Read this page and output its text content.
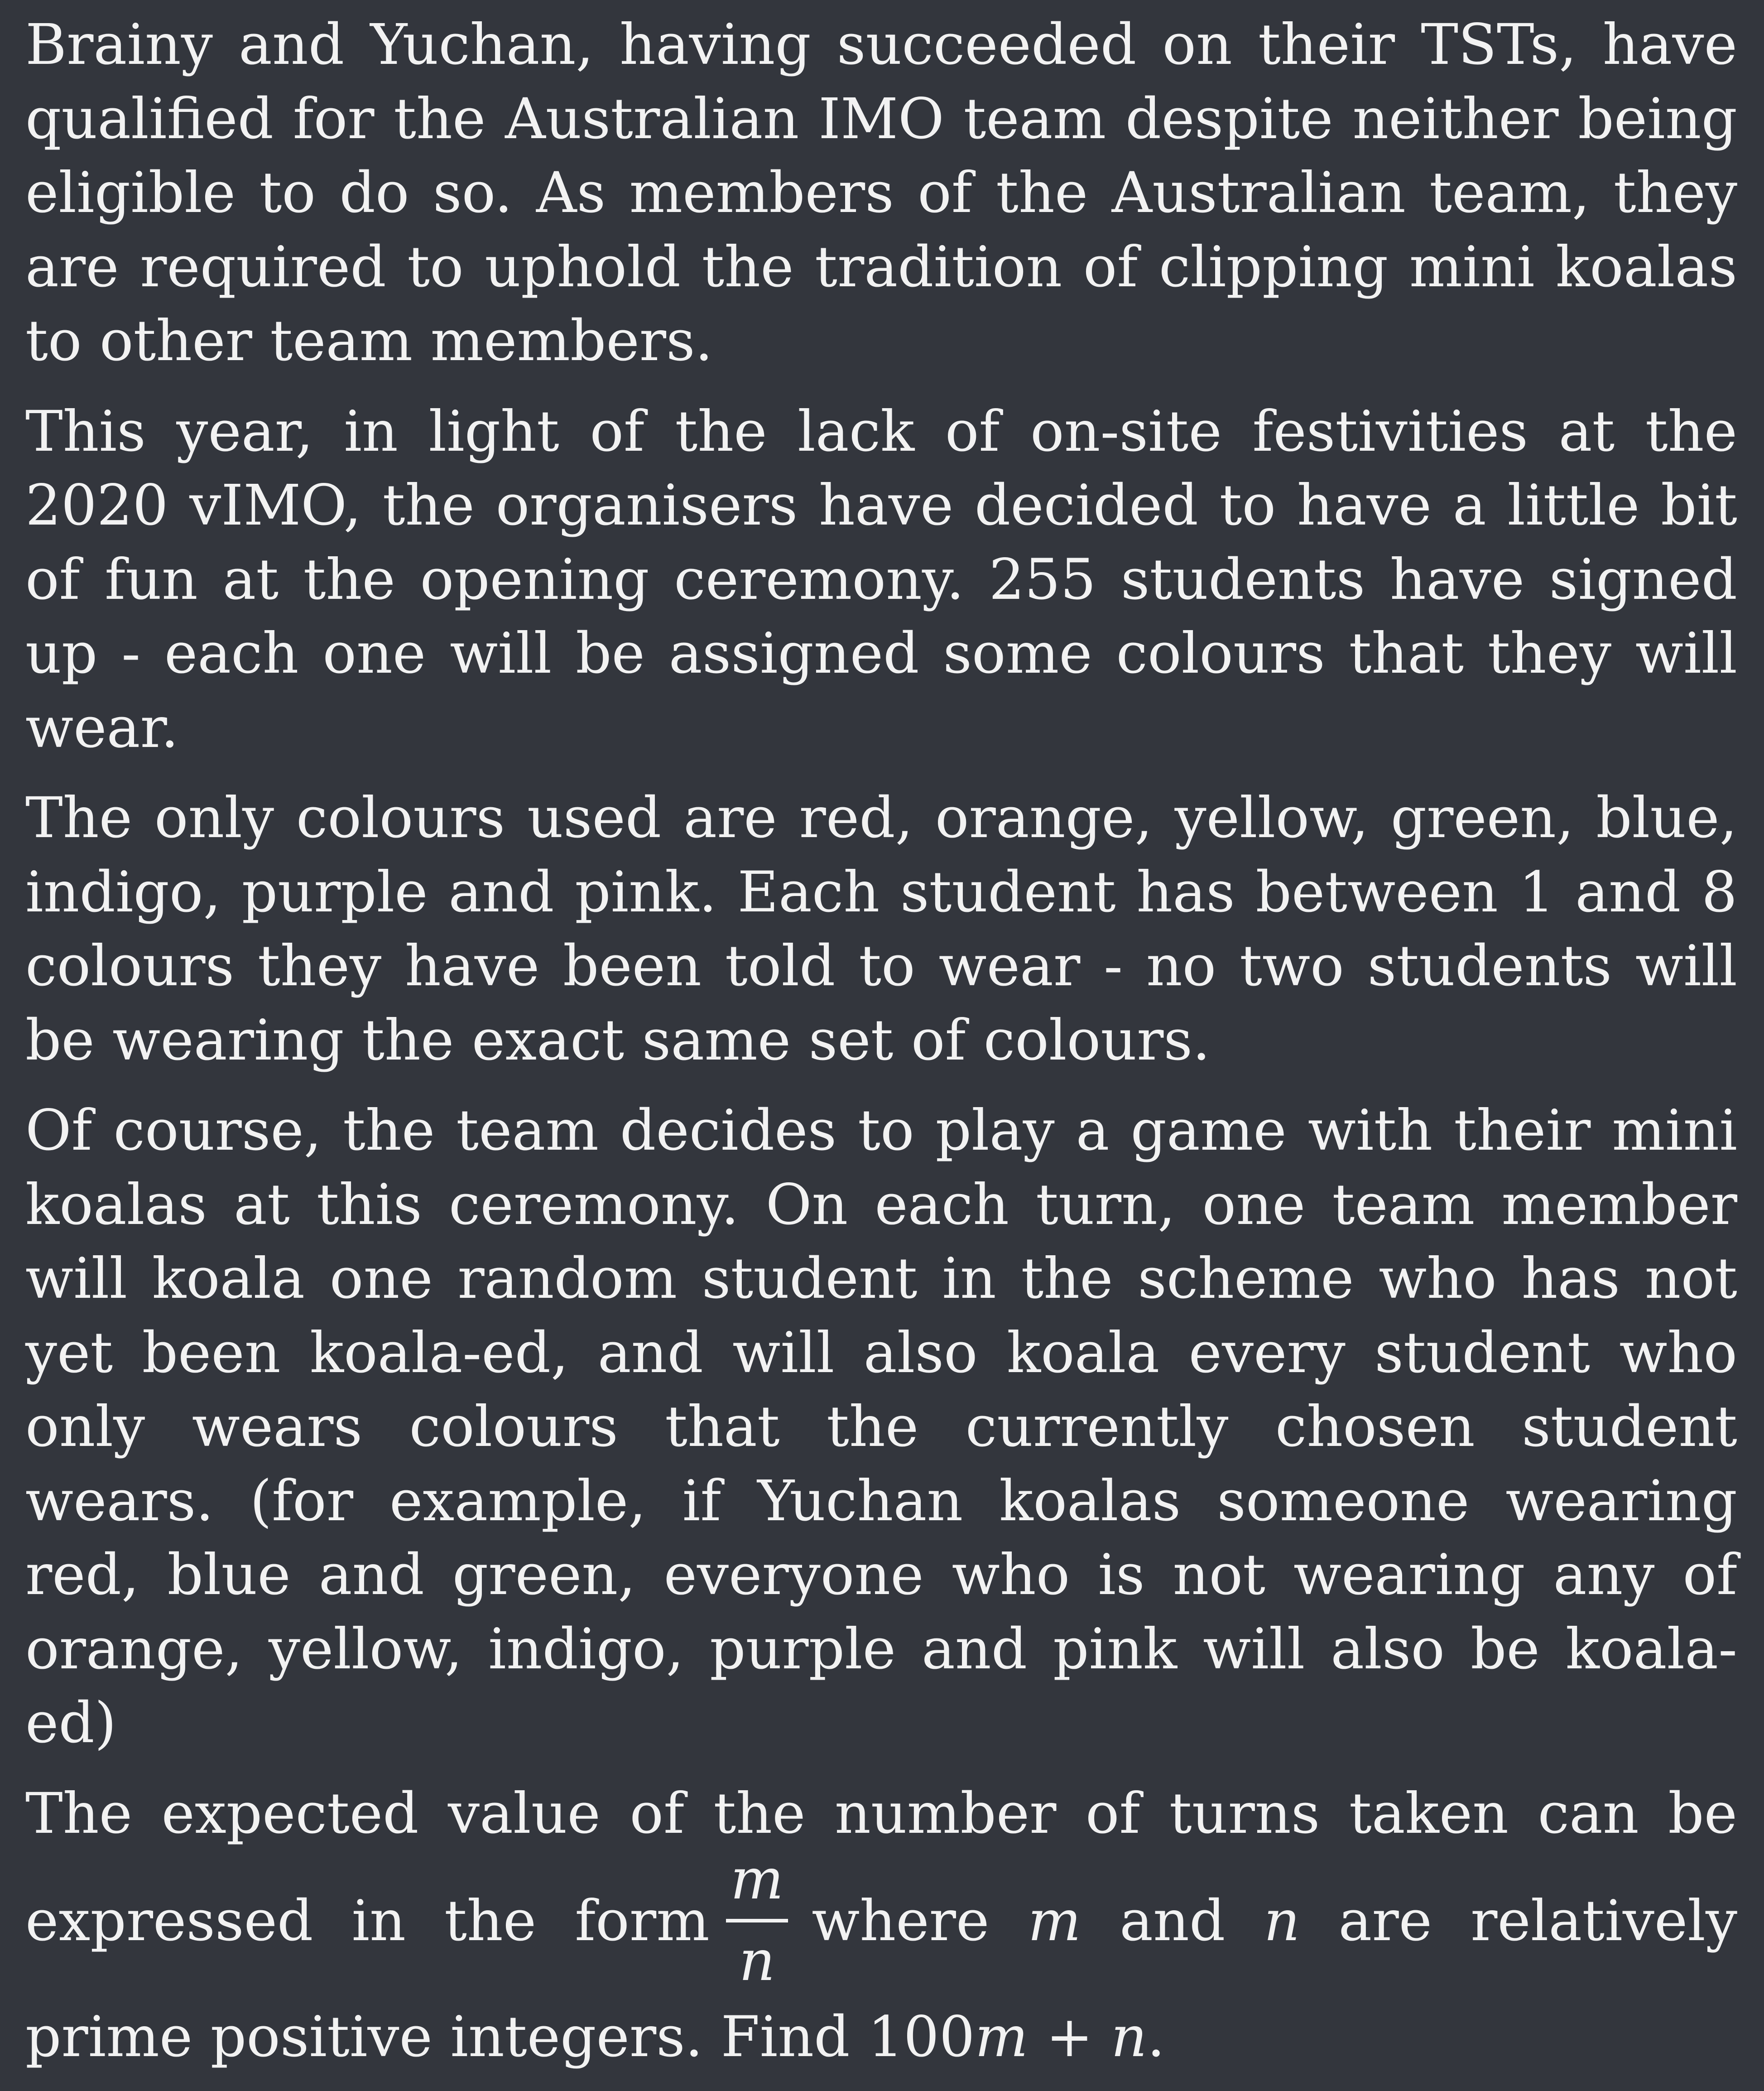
Brainy and Yuchan, having succeeded on their TSTs, have qualified for the Australian IMO team despite neither being eligible to do so. As members of the Australian team, they are required to uphold the tradition of clipping mini koalas to other team members.

This year, in light of the lack of on-site festivities at the 2020 vIMO, the organisers have decided to have a little bit of fun at the opening ceremony. 255 students have signed up - each one will be assigned some colours that they will wear.

The only colours used are red, orange, yellow, green, blue, indigo, purple and pink. Each student has between 1 and 8 colours they have been told to wear - no two students will be wearing the exact same set of colours.

Of course, the team decides to play a game with their mini koalas at this ceremony. On each turn, one team member will koala one random student in the scheme who has not yet been koala-ed, and will also koala every student who only wears colours that the currently chosen student wears. (for example, if Yuchan koalas someone wearing red, blue and green, everyone who is not wearing any of orange, yellow, indigo, purple and pink will also be koala-ed)

The expected value of the number of turns taken can be expressed in the form
m
n
where m and n are relatively prime positive integers. Find 100m + n.
